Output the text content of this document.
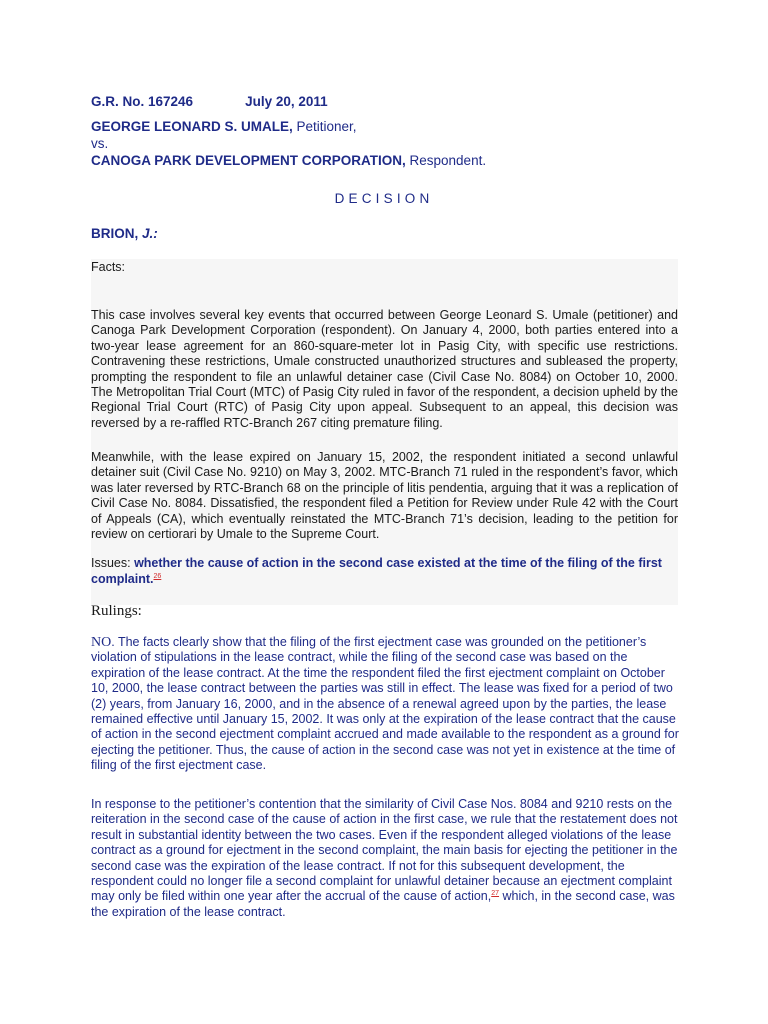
G.R. No. 167246	July 20, 2011
GEORGE LEONARD S. UMALE, Petitioner,
vs.
CANOGA PARK DEVELOPMENT CORPORATION, Respondent.
DECISION
BRION, J.:
Facts:
This case involves several key events that occurred between George Leonard S. Umale (petitioner) and Canoga Park Development Corporation (respondent). On January 4, 2000, both parties entered into a two-year lease agreement for an 860-square-meter lot in Pasig City, with specific use restrictions. Contravening these restrictions, Umale constructed unauthorized structures and subleased the property, prompting the respondent to file an unlawful detainer case (Civil Case No. 8084) on October 10, 2000. The Metropolitan Trial Court (MTC) of Pasig City ruled in favor of the respondent, a decision upheld by the Regional Trial Court (RTC) of Pasig City upon appeal. Subsequent to an appeal, this decision was reversed by a re-raffled RTC-Branch 267 citing premature filing.
Meanwhile, with the lease expired on January 15, 2002, the respondent initiated a second unlawful detainer suit (Civil Case No. 9210) on May 3, 2002. MTC-Branch 71 ruled in the respondent’s favor, which was later reversed by RTC-Branch 68 on the principle of litis pendentia, arguing that it was a replication of Civil Case No. 8084. Dissatisfied, the respondent filed a Petition for Review under Rule 42 with the Court of Appeals (CA), which eventually reinstated the MTC-Branch 71’s decision, leading to the petition for review on certiorari by Umale to the Supreme Court.
Issues: whether the cause of action in the second case existed at the time of the filing of the first complaint.$^{26}$
Rulings:
NO. The facts clearly show that the filing of the first ejectment case was grounded on the petitioner’s violation of stipulations in the lease contract, while the filing of the second case was based on the expiration of the lease contract. At the time the respondent filed the first ejectment complaint on October 10, 2000, the lease contract between the parties was still in effect. The lease was fixed for a period of two (2) years, from January 16, 2000, and in the absence of a renewal agreed upon by the parties, the lease remained effective until January 15, 2002. It was only at the expiration of the lease contract that the cause of action in the second ejectment complaint accrued and made available to the respondent as a ground for ejecting the petitioner. Thus, the cause of action in the second case was not yet in existence at the time of filing of the first ejectment case.
In response to the petitioner’s contention that the similarity of Civil Case Nos. 8084 and 9210 rests on the reiteration in the second case of the cause of action in the first case, we rule that the restatement does not result in substantial identity between the two cases. Even if the respondent alleged violations of the lease contract as a ground for ejectment in the second complaint, the main basis for ejecting the petitioner in the second case was the expiration of the lease contract. If not for this subsequent development, the respondent could no longer file a second complaint for unlawful detainer because an ejectment complaint may only be filed within one year after the accrual of the cause of action,$^{27}$ which, in the second case, was the expiration of the lease contract.
